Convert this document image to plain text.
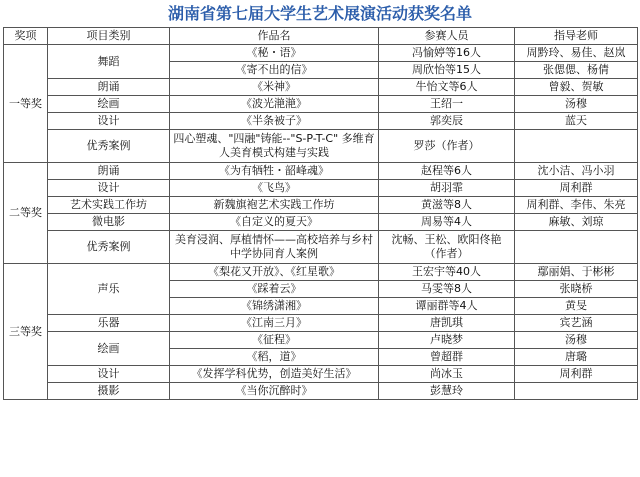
湖南省第七届大学生艺术展演活动获奖名单
奖项	项目类别	作品名	参赛人员	指导老师
一等奖	舞蹈	《秘・语》	冯愉婷等16人	周黔玲、易佳、赵岚
		《寄不出的信》	周欣怡等15人	张偲偲、杨倩
	朗诵	《米神》	牛怡文等6人	曾毅、贺敏
	绘画	《波光滟滟》	王绍一	汤穆
	设计	《半条被子》	郭奕辰	蓝天
	优秀案例	四心塑魂、"四融"铸能--"S-P-T-C" 多维育人美育模式构建与实践	罗莎（作者）	

二等奖	朗诵	《为有牺牲・韶峰魂》	赵程等6人	沈小洁、冯小羽
	设计	《飞鸟》	胡羽霏	周利群
	艺术实践工作坊	新魏旗袍艺术实践工作坊	黄滋等8人	周利群、李伟、朱亮
	微电影	《自定义的夏天》	周易等4人	麻敏、刘琼
	优秀案例	美育浸润、厚植情怀——高校培养与乡村中学协同育人案例	沈畅、王松、欧阳佟艳（作者）	
三等奖	声乐	《梨花又开放》、《红星歌》	王宏宇等40人	鄢丽娟、于彬彬
		《踩着云》	马雯等8人	张晓桥
		《锦绣潇湘》	谭丽群等4人	黄旻
	乐器	《江南三月》	唐凯琪	宾艺涵
	绘画	《征程》	卢晓梦	汤穆
		《稻，道》	曾超群	唐璐
	设计	《发挥学科优势，创造美好生活》	尚冰玉	周利群
	摄影	《当你沉醉时》	彭慧玲	
